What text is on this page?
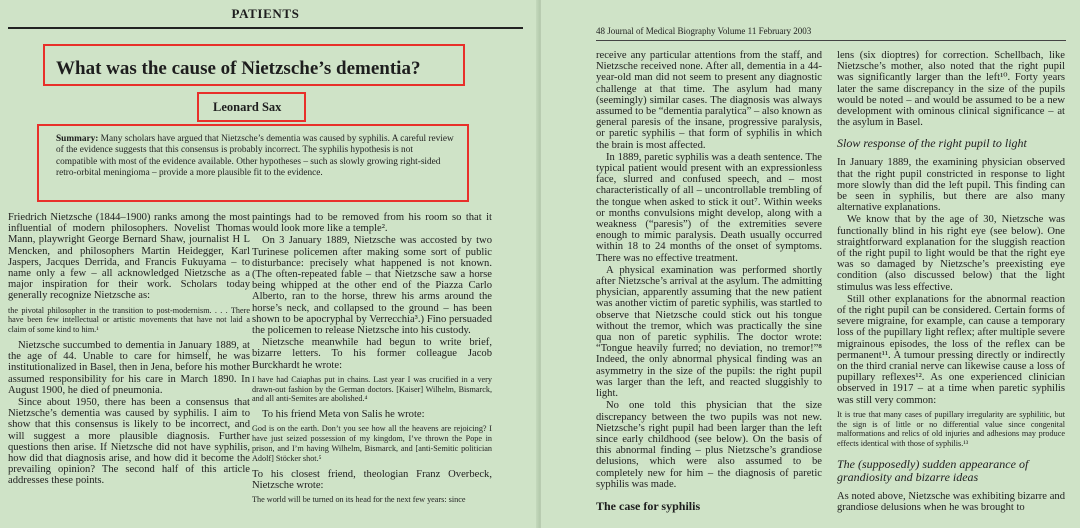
PATIENTS
What was the cause of Nietzsche’s dementia?
Leonard Sax
Summary: Many scholars have argued that Nietzsche’s dementia was caused by syphilis. A careful review of the evidence suggests that this consensus is probably incorrect. The syphilis hypothesis is not compatible with most of the evidence available. Other hypotheses – such as slowly growing right-sided retro-orbital meningioma – provide a more plausible fit to the evidence.

Friedrich Nietzsche (1844–1900) ranks among the most influential of modern philosophers. Novelist Thomas Mann, playwright George Bernard Shaw, journalist H L Mencken, and philosophers Martin Heidegger, Karl Jaspers, Jacques Derrida, and Francis Fukuyama – to name only a few – all acknowledged Nietzsche as a major inspiration for their work. Scholars today generally recognize Nietzsche as:

the pivotal philosopher in the transition to post-modernism. . . . There have been few intellectual or artistic movements that have not laid a claim of some kind to him.¹

Nietzsche succumbed to dementia in January 1889, at the age of 44. Unable to care for himself, he was institutionalized in Basel, then in Jena, before his mother assumed responsibility for his care in March 1890. In August 1900, he died of pneumonia.

Since about 1950, there has been a consensus that Nietzsche’s dementia was caused by syphilis. I aim to show that this consensus is likely to be incorrect, and will suggest a more plausible diagnosis. Further questions then arise. If Nietzsche did not have syphilis, how did that diagnosis arise, and how did it become the prevailing opinion? The second half of this article addresses these points.

paintings had to be removed from his room so that it would look more like a temple².

On 3 January 1889, Nietzsche was accosted by two Turinese policemen after making some sort of public disturbance: precisely what happened is not known. (The often-repeated fable – that Nietzsche saw a horse being whipped at the other end of the Piazza Carlo Alberto, ran to the horse, threw his arms around the horse’s neck, and collapsed to the ground – has been shown to be apocryphal by Verrecchia³.) Fino persuaded the policemen to release Nietzsche into his custody.

Nietzsche meanwhile had begun to write brief, bizarre letters. To his former colleague Jacob Burckhardt he wrote:

I have had Caiaphas put in chains. Last year I was crucified in a very drawn-out fashion by the German doctors. [Kaiser] Wilhelm, Bismarck, and all anti-Semites are abolished.⁴

To his friend Meta von Salis he wrote:

God is on the earth. Don’t you see how all the heavens are rejoicing? I have just seized possession of my kingdom, I’ve thrown the Pope in prison, and I’m having Wilhelm, Bismarck, and [anti-Semitic politician Adolf] Stöcker shot.⁵

To his closest friend, theologian Franz Overbeck, Nietzsche wrote:

The world will be turned on its head for the next few years: since
48 Journal of Medical Biography Volume 11 February 2003

receive any particular attentions from the staff, and Nietzsche received none. After all, dementia in a 44-year-old man did not seem to present any diagnostic challenge at that time. The asylum had many (seemingly) similar cases. The diagnosis was always assumed to be “dementia paralytica” – also known as general paresis of the insane, progressive paralysis, or paretic syphilis – that form of syphilis in which the brain is most affected.

In 1889, paretic syphilis was a death sentence. The typical patient would present with an expressionless face, slurred and confused speech, and – most characteristically of all – uncontrollable trembling of the tongue when asked to stick it out⁷. Within weeks or months convulsions might develop, along with a weakness (“paresis”) of the extremities severe enough to mimic paralysis. Death usually occurred within 18 to 24 months of the onset of symptoms. There was no effective treatment.

A physical examination was performed shortly after Nietzsche’s arrival at the asylum. The admitting physician, apparently assuming that the new patient was another victim of paretic syphilis, was startled to observe that Nietzsche could stick out his tongue without the tremor, which was practically the sine qua non of paretic syphilis. The doctor wrote: “Tongue heavily furred; no deviation, no tremor!”⁸ Indeed, the only abnormal physical finding was an asymmetry in the size of the pupils: the right pupil was larger than the left, and reacted sluggishly to light.

No one told this physician that the size discrepancy between the two pupils was not new. Nietzsche’s right pupil had been larger than the left since early childhood (see below). On the basis of this abnormal finding – plus Nietzsche’s grandiose delusions, which were also assumed to be completely new for him – the diagnosis of paretic syphilis was made.

The case for syphilis

lens (six dioptres) for correction. Schellbach, like Nietzsche’s mother, also noted that the right pupil was significantly larger than the left¹⁰. Forty years later the same discrepancy in the size of the pupils would be noted – and would be assumed to be a new development with ominous clinical significance – at the asylum in Basel.

Slow response of the right pupil to light

In January 1889, the examining physician observed that the right pupil constricted in response to light more slowly than did the left pupil. This finding can be seen in syphilis, but there are also many alternative explanations.

We know that by the age of 30, Nietzsche was functionally blind in his right eye (see below). One straightforward explanation for the sluggish reaction of the right pupil to light would be that the right eye was so damaged by Nietzsche’s preexisting eye condition (also discussed below) that the light stimulus was less effective.

Still other explanations for the abnormal reaction of the right pupil can be considered. Certain forms of severe migraine, for example, can cause a temporary loss of the pupillary light reflex; after multiple severe migrainous episodes, the loss of the reflex can be permanent¹¹. A tumour pressing directly or indirectly on the third cranial nerve can likewise cause a loss of pupillary reflexes¹². As one experienced clinician observed in 1917 – at a time when paretic syphilis was still very common:

It is true that many cases of pupillary irregularity are syphilitic, but the sign is of little or no differential value since congenital malformations and relics of old injuries and adhesions may produce effects identical with those of syphilis.¹³
The (supposedly) sudden appearance of grandiosity and bizarre ideas

As noted above, Nietzsche was exhibiting bizarre and grandiose delusions when he was brought to
